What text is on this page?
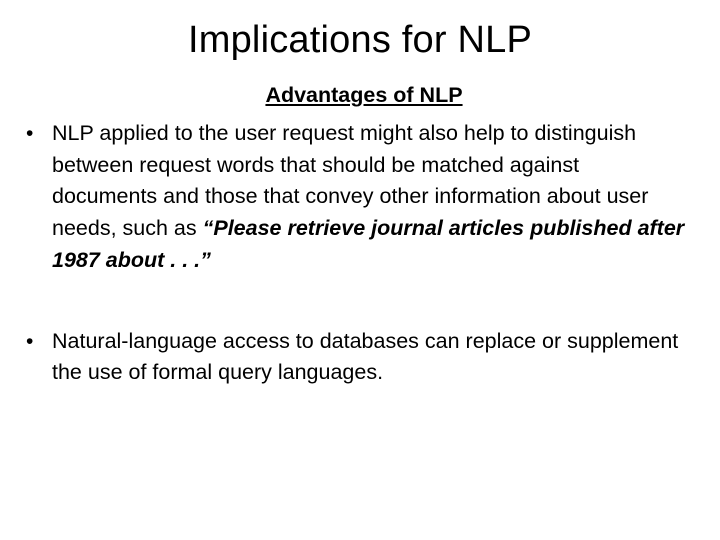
Implications for NLP
Advantages of NLP
• NLP applied to the user request might also help to distinguish between request words that should be matched against documents and those that convey other information about user needs, such as “Please retrieve journal articles published after 1987 about . . .”
• Natural-language access to databases can replace or supplement the use of formal query languages.
